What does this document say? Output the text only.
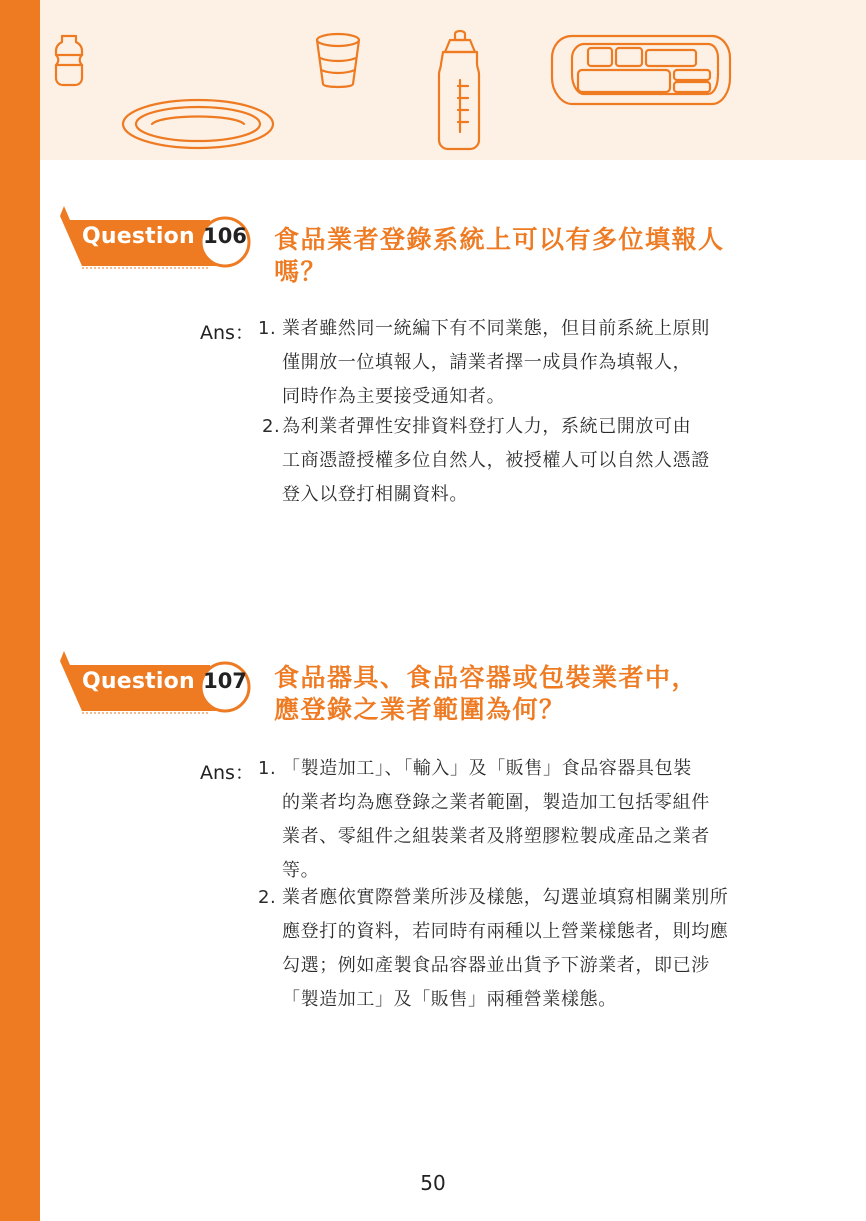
Question 106 食品業者登錄系統上可以有多位填報人
嗎？
Ans： 1. 業者雖然同一統編下有不同業態，但目前系統上原則
僅開放一位填報人，請業者擇一成員作為填報人，
同時作為主要接受通知者。
2. 為利業者彈性安排資料登打人力，系統已開放可由
工商憑證授權多位自然人，被授權人可以自然人憑證
登入以登打相關資料。
Question 107 食品器具、食品容器或包裝業者中，
應登錄之業者範圍為何？
Ans： 1. 「製造加工」、「輸入」及「販售」食品容器具包裝
的業者均為應登錄之業者範圍，製造加工包括零組件
業者、零組件之組裝業者及將塑膠粒製成產品之業者
等。
2. 業者應依實際營業所涉及樣態，勾選並填寫相關業別所
應登打的資料，若同時有兩種以上營業樣態者，則均應
勾選；例如產製食品容器並出貨予下游業者，即已涉
「製造加工」及「販售」兩種營業樣態。
50
